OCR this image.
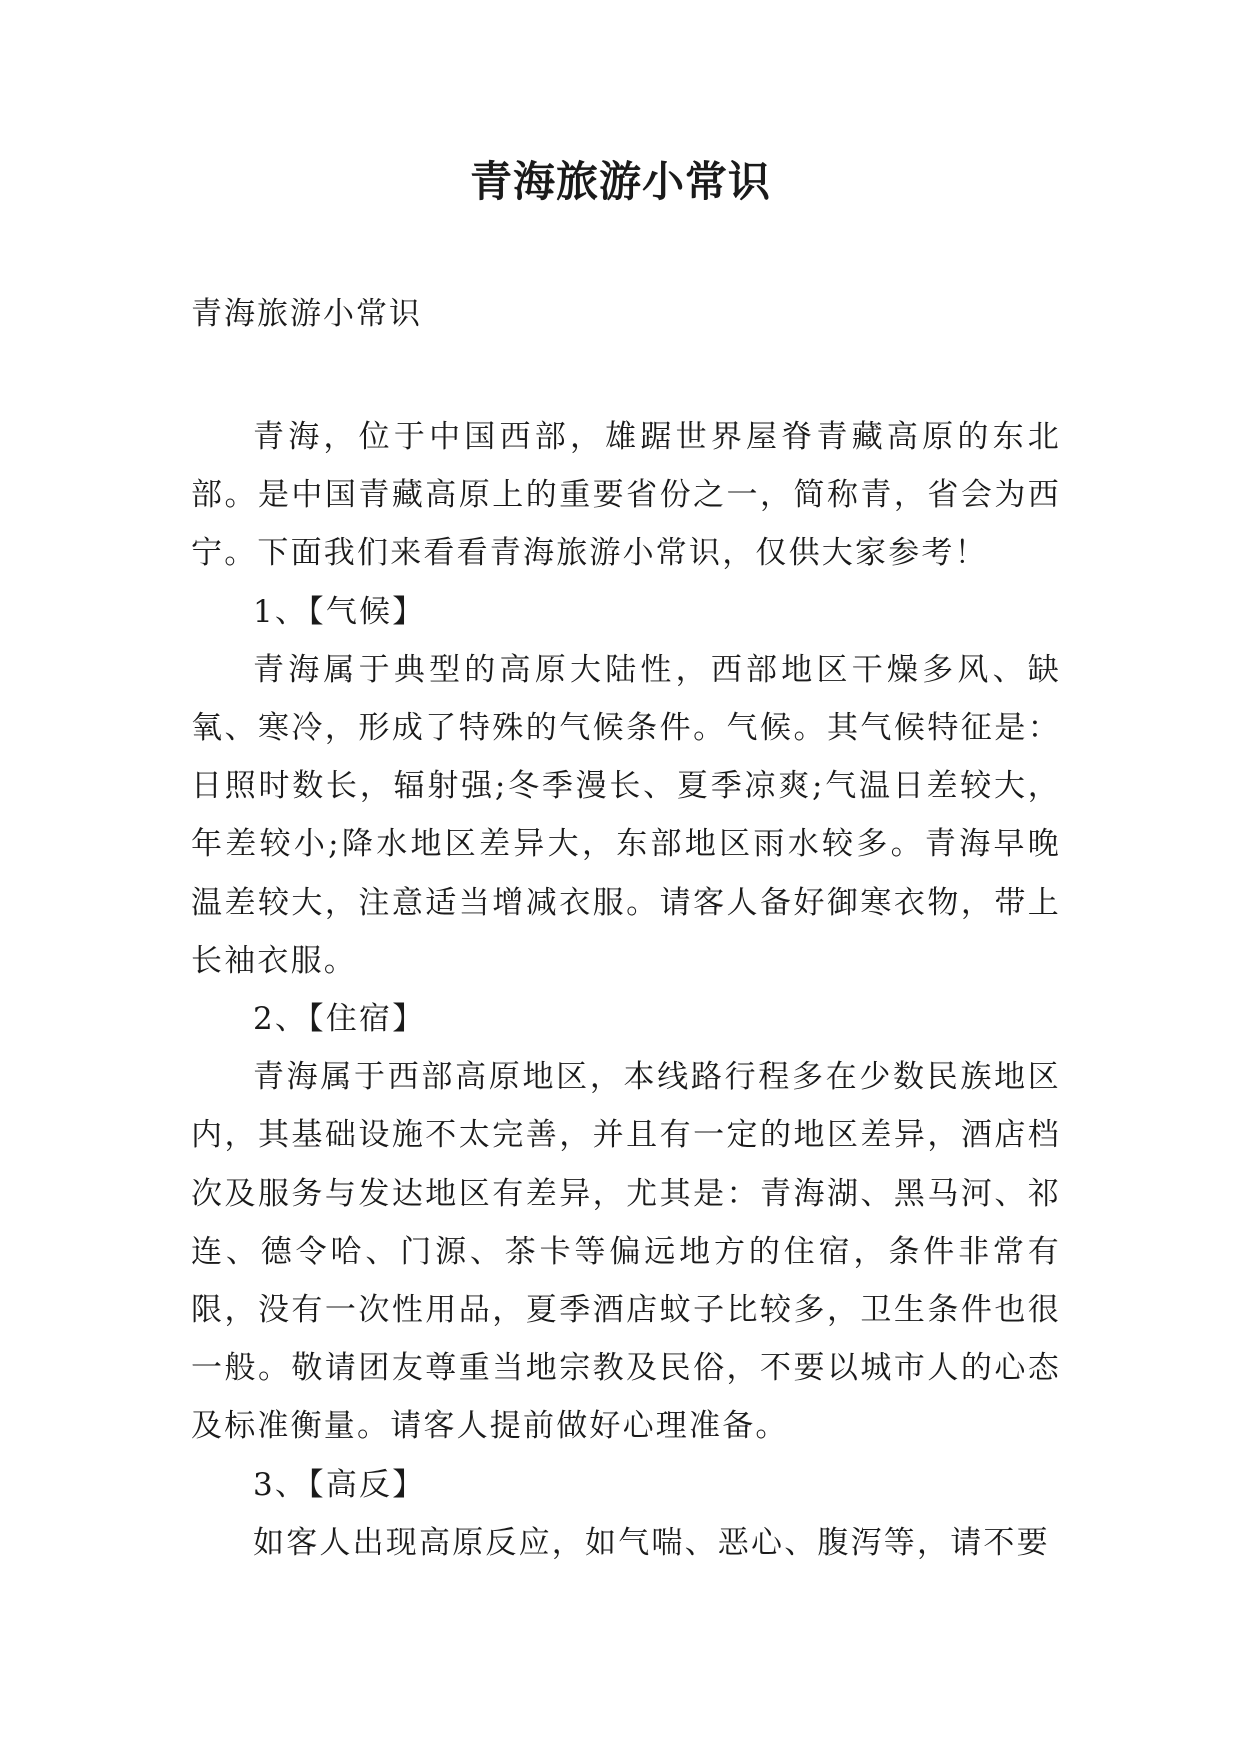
青海旅游小常识

青海旅游小常识

青海，位于中国西部，雄踞世界屋脊青藏高原的东北部。是中国青藏高原上的重要省份之一，简称青，省会为西宁。下面我们来看看青海旅游小常识，仅供大家参考！

1、【气候】

青海属于典型的高原大陆性，西部地区干燥多风、缺氧、寒冷，形成了特殊的气候条件。气候。其气候特征是：日照时数长，辐射强;冬季漫长、夏季凉爽;气温日差较大，年差较小;降水地区差异大，东部地区雨水较多。青海早晚温差较大，注意适当增减衣服。请客人备好御寒衣物，带上长袖衣服。

2、【住宿】

青海属于西部高原地区，本线路行程多在少数民族地区内，其基础设施不太完善，并且有一定的地区差异，酒店档次及服务与发达地区有差异，尤其是：青海湖、黑马河、祁连、德令哈、门源、茶卡等偏远地方的住宿，条件非常有限，没有一次性用品，夏季酒店蚊子比较多，卫生条件也很一般。敬请团友尊重当地宗教及民俗，不要以城市人的心态及标准衡量。请客人提前做好心理准备。

3、【高反】

如客人出现高原反应，如气喘、恶心、腹泻等，请不要
